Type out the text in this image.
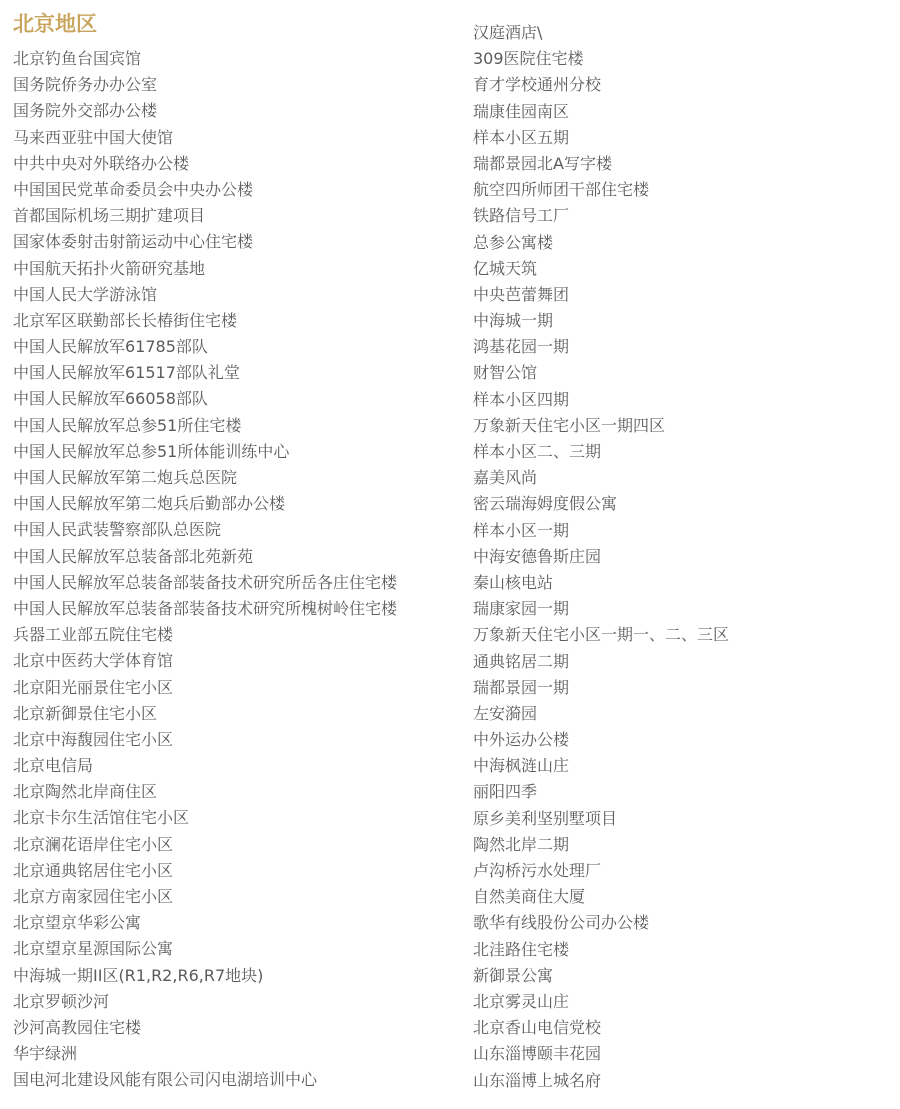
北京地区
北京钓鱼台国宾馆
国务院侨务办办公室
国务院外交部办公楼
马来西亚驻中国大使馆
中共中央对外联络办公楼
中国国民党革命委员会中央办公楼
首都国际机场三期扩建项目
国家体委射击射箭运动中心住宅楼
中国航天拓扑火箭研究基地
中国人民大学游泳馆
北京军区联勤部长长椿街住宅楼
中国人民解放军61785部队
中国人民解放军61517部队礼堂
中国人民解放军66058部队
中国人民解放军总参51所住宅楼
中国人民解放军总参51所体能训练中心
中国人民解放军第二炮兵总医院
中国人民解放军第二炮兵后勤部办公楼
中国人民武装警察部队总医院
中国人民解放军总装备部北苑新苑
中国人民解放军总装备部装备技术研究所岳各庄住宅楼
中国人民解放军总装备部装备技术研究所槐树岭住宅楼
兵器工业部五院住宅楼
北京中医药大学体育馆
北京阳光丽景住宅小区
北京新御景住宅小区
北京中海馥园住宅小区
北京电信局
北京陶然北岸商住区
北京卡尔生活馆住宅小区
北京澜花语岸住宅小区
北京通典铭居住宅小区
北京方南家园住宅小区
北京望京华彩公寓
北京望京星源国际公寓
中海城一期II区(R1,R2,R6,R7地块)
北京罗顿沙河
沙河高教园住宅楼
华宇绿洲
国电河北建设风能有限公司闪电湖培训中心
汉庭酒店\
309医院住宅楼
育才学校通州分校
瑞康佳园南区
样本小区五期
瑞都景园北A写字楼
航空四所师团干部住宅楼
铁路信号工厂
总参公寓楼
亿城天筑
中央芭蕾舞团
中海城一期
鸿基花园一期
财智公馆
样本小区四期
万象新天住宅小区一期四区
样本小区二、三期
嘉美风尚
密云瑞海姆度假公寓
样本小区一期
中海安德鲁斯庄园
秦山核电站
瑞康家园一期
万象新天住宅小区一期一、二、三区
通典铭居二期
瑞都景园一期
左安漪园
中外运办公楼
中海枫涟山庄
丽阳四季
原乡美利坚别墅项目
陶然北岸二期
卢沟桥污水处理厂
自然美商住大厦
歌华有线股份公司办公楼
北洼路住宅楼
新御景公寓
北京雾灵山庄
北京香山电信党校
山东淄博颐丰花园
山东淄博上城名府
